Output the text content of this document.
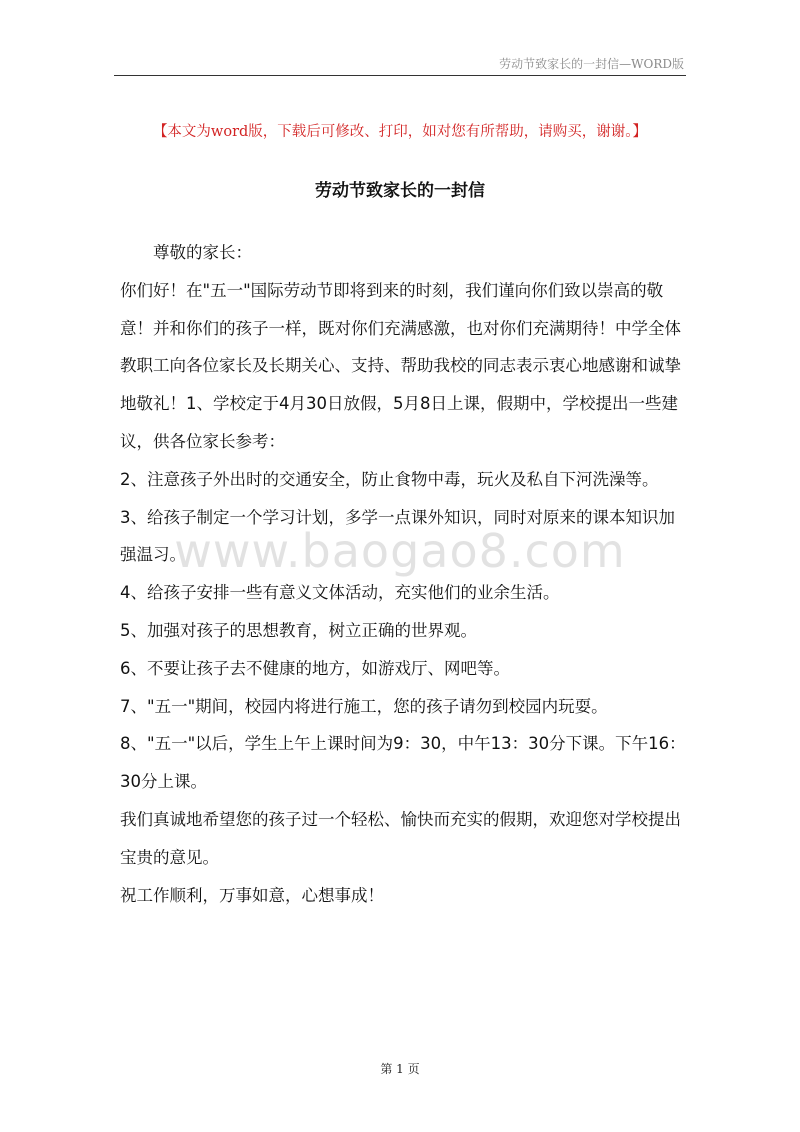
劳动节致家长的一封信—WORD版
【本文为word版，下载后可修改、打印，如对您有所帮助，请购买，谢谢。】
劳动节致家长的一封信

尊敬的家长：

你们好！在"五一"国际劳动节即将到来的时刻，我们谨向你们致以崇高的敬意！并和你们的孩子一样，既对你们充满感激，也对你们充满期待！中学全体教职工向各位家长及长期关心、支持、帮助我校的同志表示衷心地感谢和诚挚地敬礼！1、学校定于4月30日放假，5月8日上课，假期中，学校提出一些建议，供各位家长参考：

2、注意孩子外出时的交通安全，防止食物中毒，玩火及私自下河洗澡等。

3、给孩子制定一个学习计划，多学一点课外知识，同时对原来的课本知识加强温习。

4、给孩子安排一些有意义文体活动，充实他们的业余生活。

5、加强对孩子的思想教育，树立正确的世界观。

6、不要让孩子去不健康的地方，如游戏厅、网吧等。

7、"五一"期间，校园内将进行施工，您的孩子请勿到校园内玩耍。

8、"五一"以后，学生上午上课时间为9：30，中午13：30分下课。下午16：30分上课。

我们真诚地希望您的孩子过一个轻松、愉快而充实的假期，欢迎您对学校提出宝贵的意见。

祝工作顺利，万事如意，心想事成！

www.baogao8.com
第 1 页
